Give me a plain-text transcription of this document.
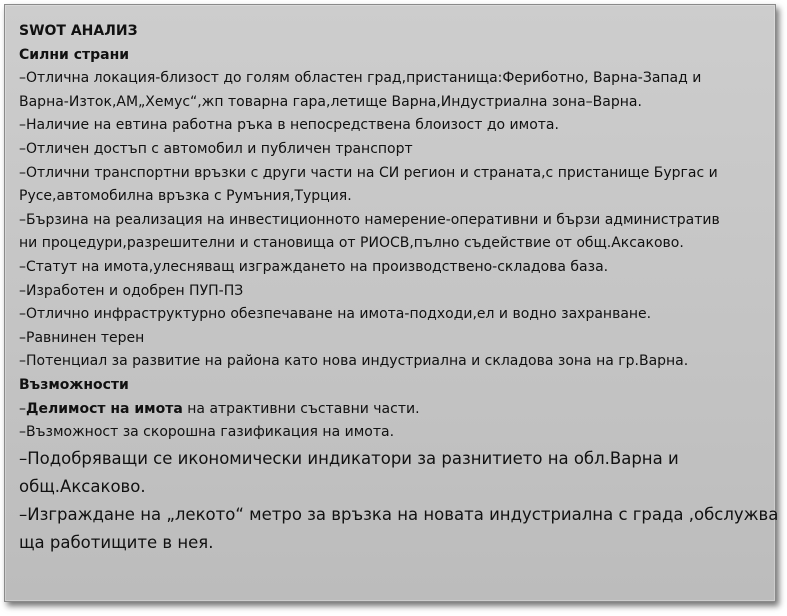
SWOT АНАЛИЗ
Силни страни
–Отлична локация-близост до голям областен град,пристанища:Фериботно, Варна-Запад и
Варна-Изток,АМ„Хемус“,жп товарна гара,летище Варна,Индустриална зона–Варна.
–Наличие на евтина работна ръка в непосредствена блоизост до имота.
–Отличен достъп с автомобил и публичен транспорт
–Отлични транспортни връзки с други части на СИ регион и страната,с пристанище Бургас и
Русе,автомобилна връзка с Румъния,Турция.
–Бързина на реализация на инвестиционното намерение-оперативни и бързи административ
ни процедури,разрешителни и становища от РИОСВ,пълно съдействие от общ.Аксаково.
–Статут на имота,улесняващ изграждането на производствено-складова база.
–Изработен и одобрен ПУП-ПЗ
–Отлично инфраструктурно обезпечаване на имота-подходи,ел и водно захранване.
–Равнинен терен
–Потенциал за развитие на района като нова индустриална и складова зона на гр.Варна.
Възможности
–Делимост на имота на атрактивни съставни части.
–Възможност за скорошна газификация на имота.
–Подобряващи се икономически индикатори за разнитието на обл.Варна и
общ.Аксаково.
–Изграждане на „лекото“ метро за връзка на новата индустриална с града ,обслужва
ща работищите в нея.
